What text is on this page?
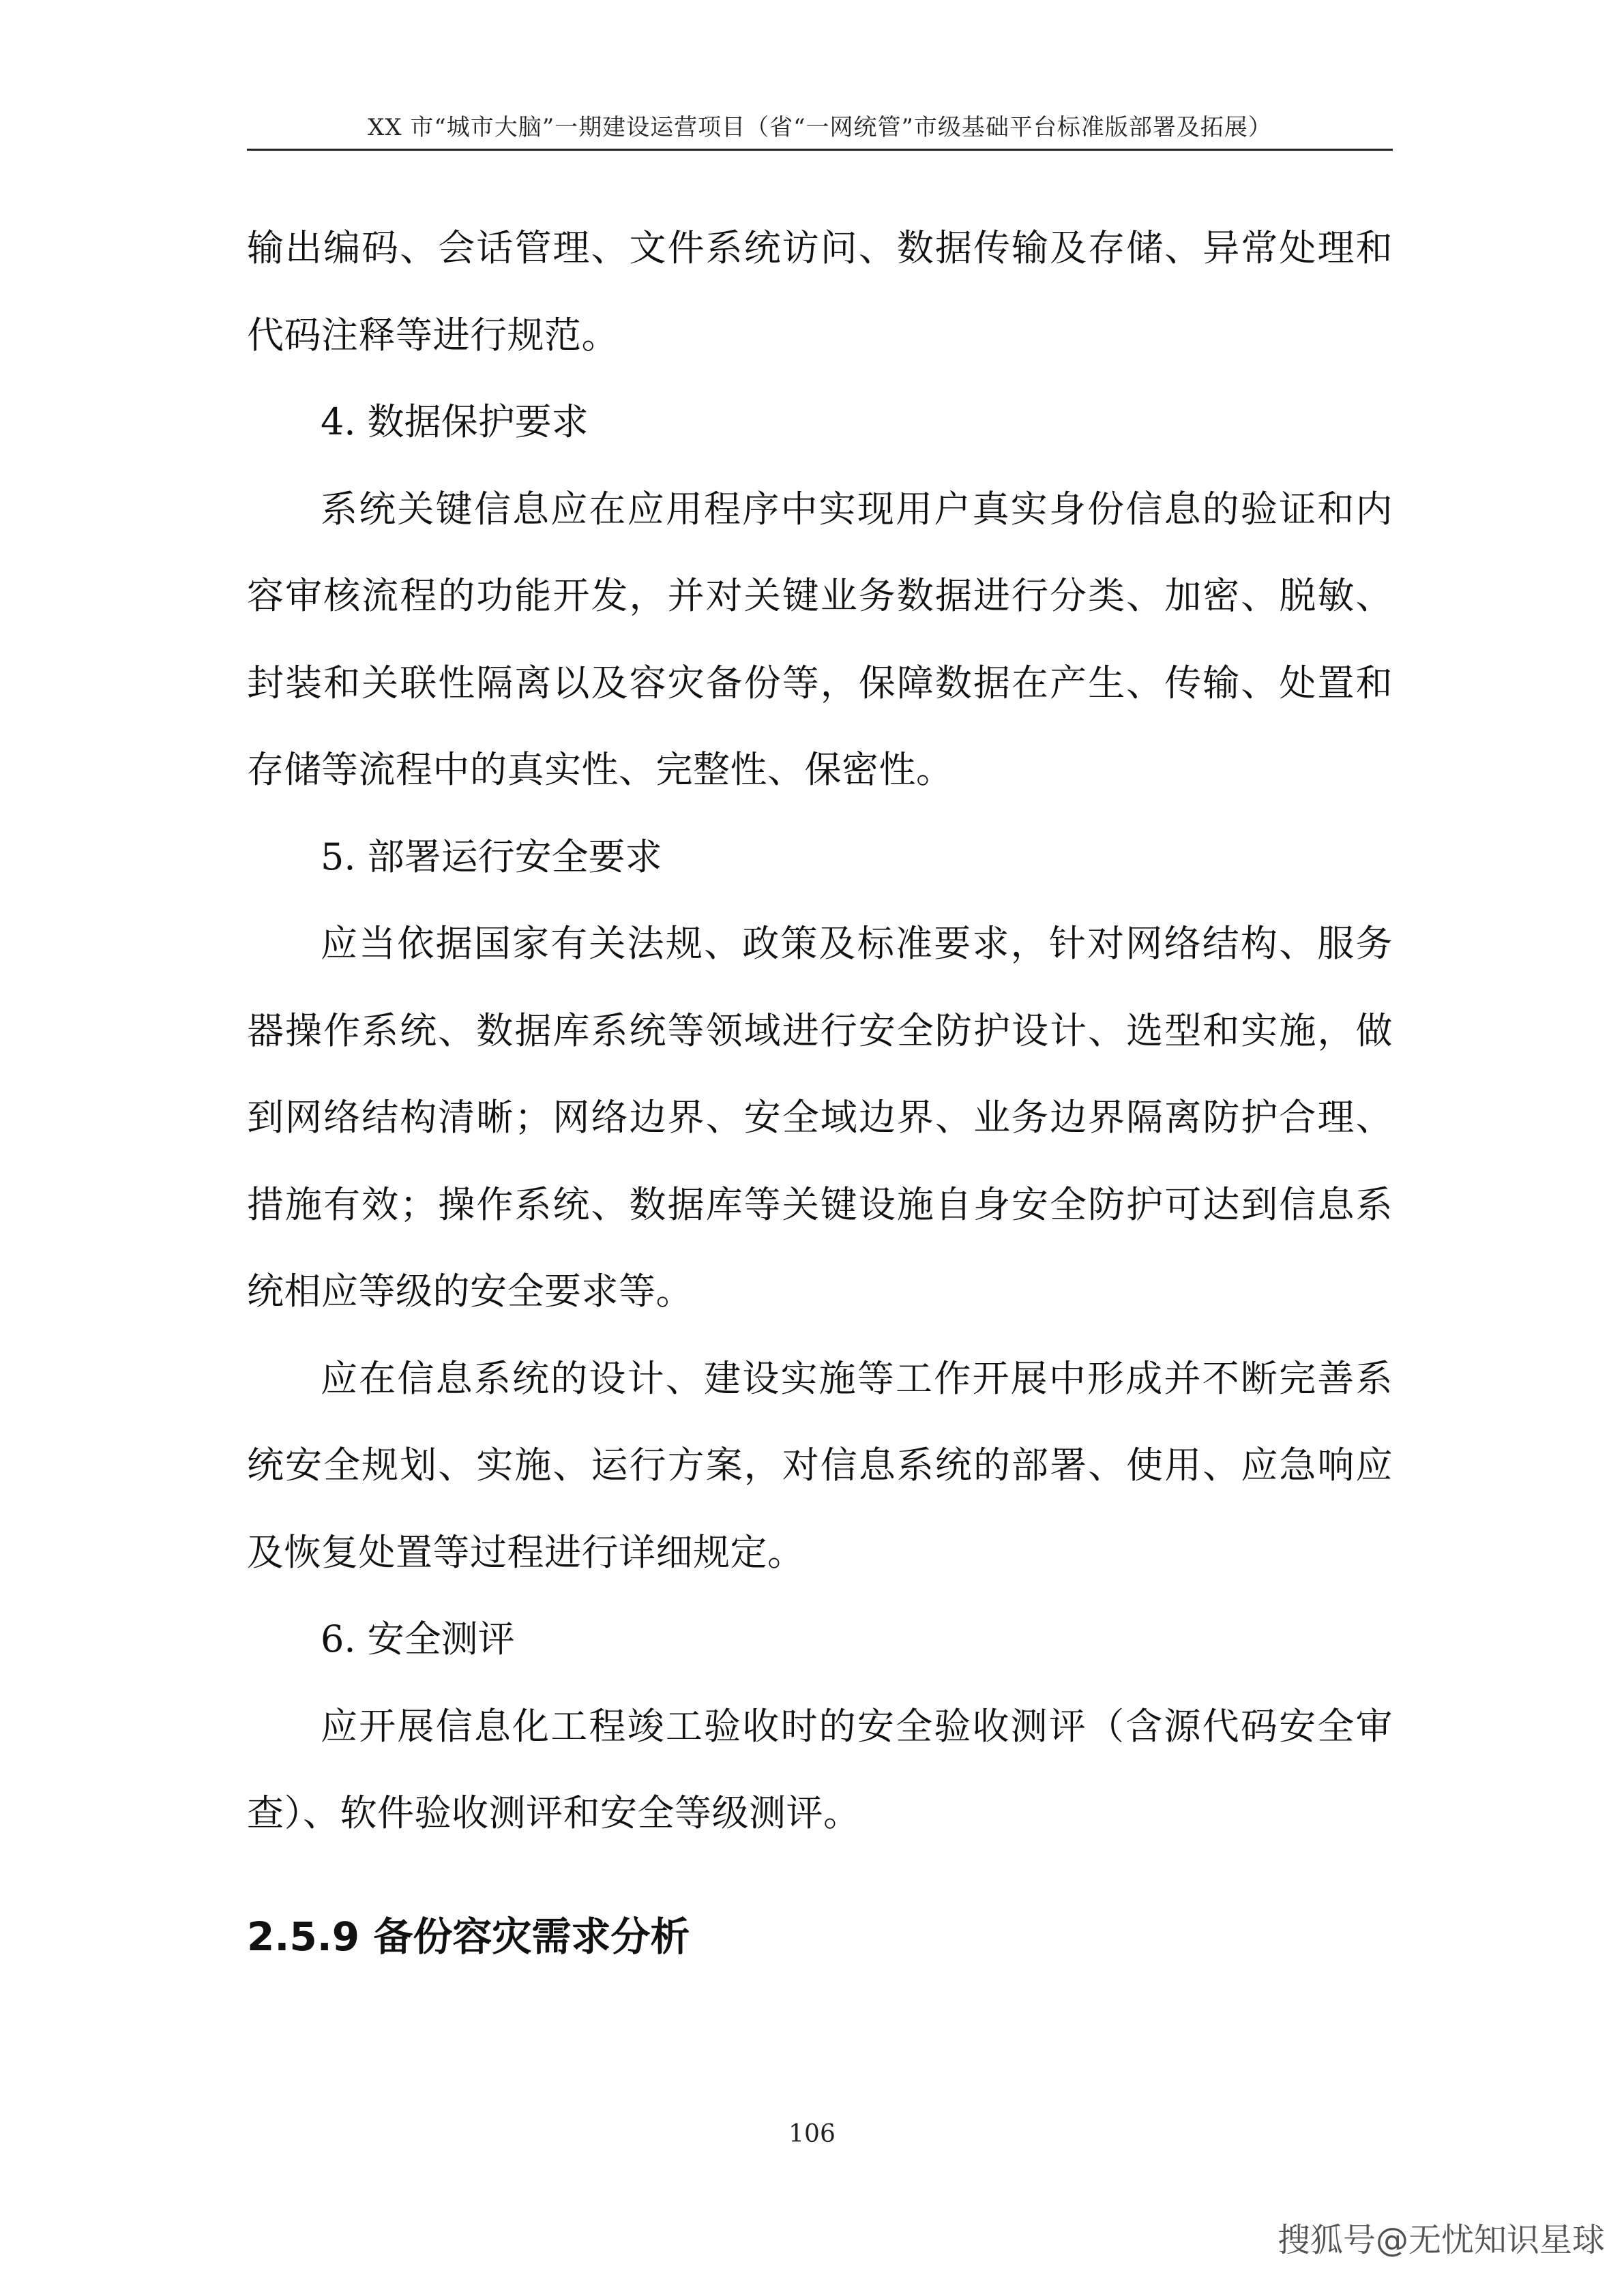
XX 市“城市大脑”一期建设运营项目（省“一网统管”市级基础平台标准版部署及拓展）

输出编码、会话管理、文件系统访问、数据传输及存储、异常处理和代码注释等进行规范。

4. 数据保护要求

系统关键信息应在应用程序中实现用户真实身份信息的验证和内容审核流程的功能开发，并对关键业务数据进行分类、加密、脱敏、封装和关联性隔离以及容灾备份等，保障数据在产生、传输、处置和存储等流程中的真实性、完整性、保密性。

5. 部署运行安全要求

应当依据国家有关法规、政策及标准要求，针对网络结构、服务器操作系统、数据库系统等领域进行安全防护设计、选型和实施，做到网络结构清晰；网络边界、安全域边界、业务边界隔离防护合理、措施有效；操作系统、数据库等关键设施自身安全防护可达到信息系统相应等级的安全要求等。

应在信息系统的设计、建设实施等工作开展中形成并不断完善系统安全规划、实施、运行方案，对信息系统的部署、使用、应急响应及恢复处置等过程进行详细规定。

6. 安全测评

应开展信息化工程竣工验收时的安全验收测评（含源代码安全审查）、软件验收测评和安全等级测评。

2.5.9 备份容灾需求分析
106
搜狐号@无忧知识星球
